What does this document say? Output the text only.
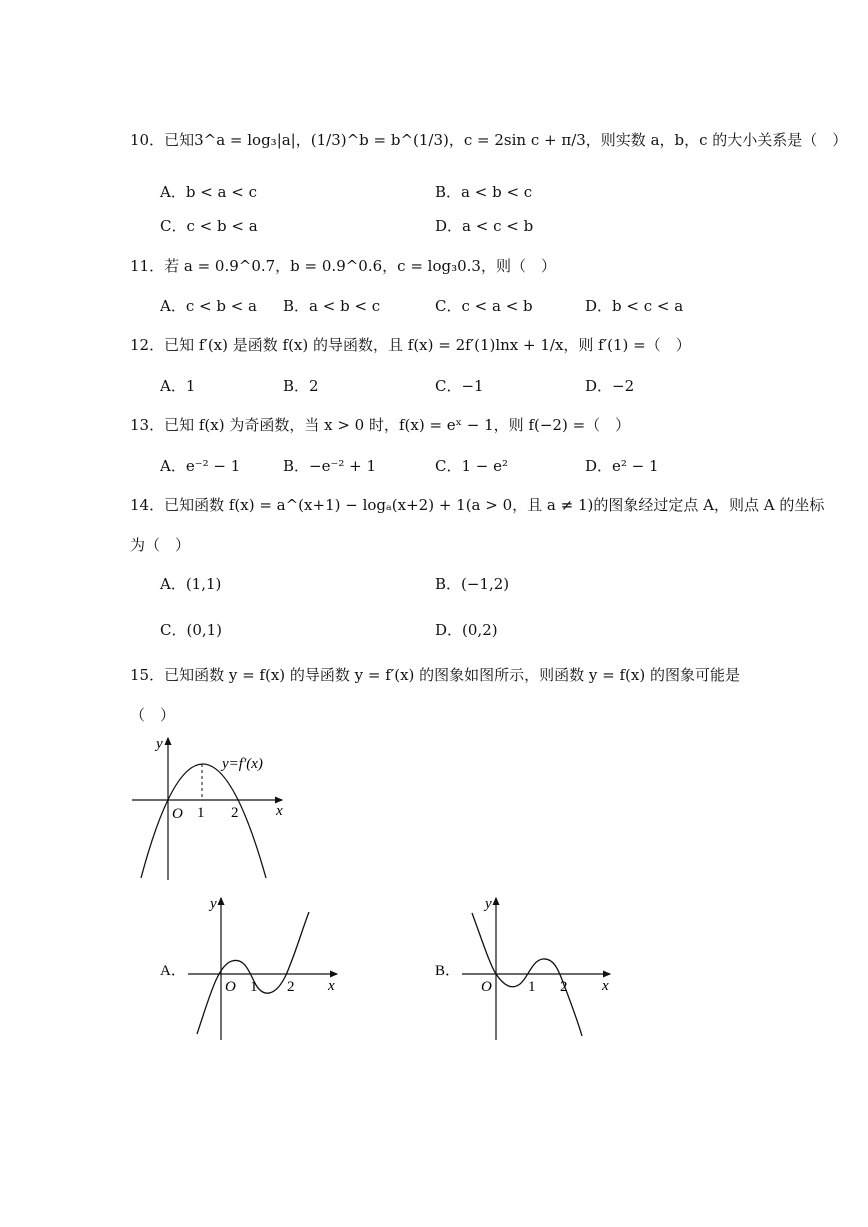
10．已知3^a = log₃|a|，(1/3)^b = b^(1/3)，c = 2sin c + π/3，则实数 a，b，c 的大小关系是（　）
A．b < a < c	B．a < b < c
C．c < b < a	D．a < c < b
11．若 a = 0.9^0.7，b = 0.9^0.6，c = log₃0.3，则（　）
A．c < b < a B．a < b < c	C．c < a < b	D．b < c < a
12．已知 f′(x) 是函数 f(x) 的导函数，且 f(x) = 2f′(1)lnx + 1/x，则 f′(1) =（　）
A．1	B．2	C．−1	D．−2
13．已知 f(x) 为奇函数，当 x > 0 时，f(x) = eˣ − 1，则 f(−2) =（　）
A．e⁻² − 1	B．−e⁻² + 1	C．1 − e²	D．e² − 1
14．已知函数 f(x) = a^(x+1) − logₐ(x+2) + 1(a > 0，且 a ≠ 1)的图象经过定点 A，则点 A 的坐标
为（　）
A．(1,1)	B．(−1,2)
C．(0,1)	D．(0,2)
15．已知函数 y = f(x) 的导函数 y = f′(x) 的图象如图所示，则函数 y = f(x) 的图象可能是
（　）
y
x
O 1 2
y=f′(x)
A．
y
x
O 1 2
B．
y
x
O 1 2
